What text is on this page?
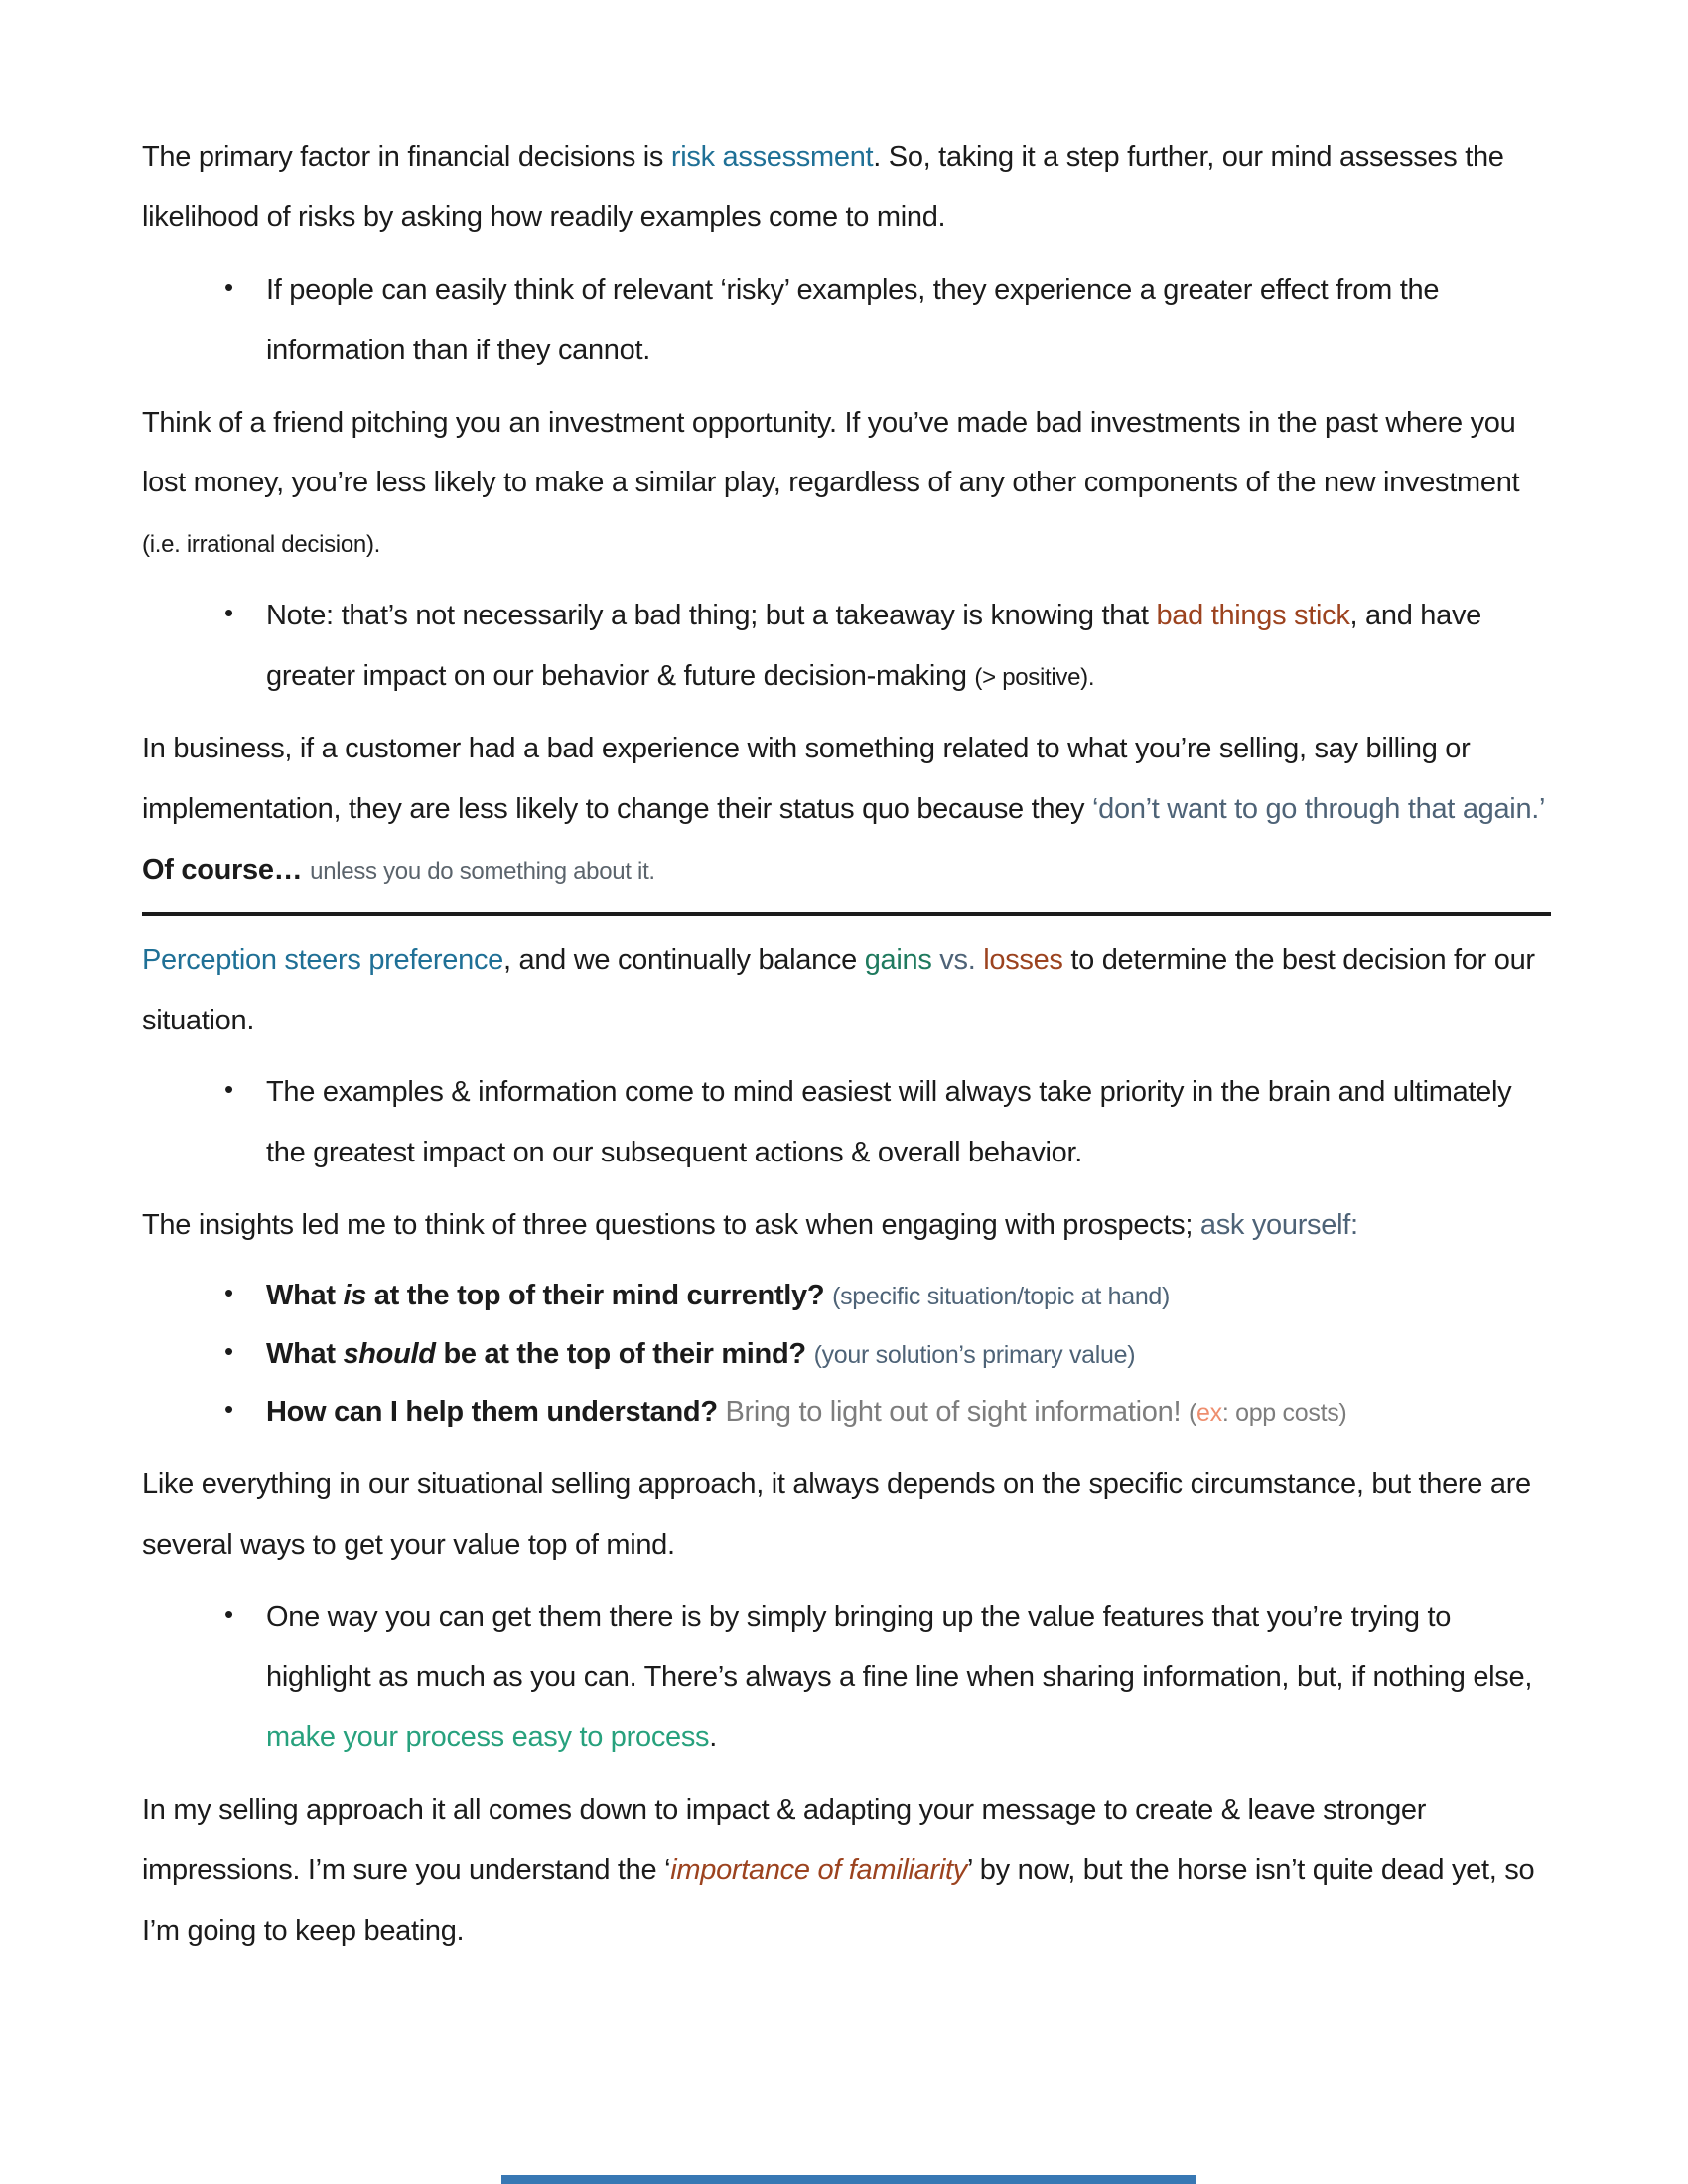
The primary factor in financial decisions is risk assessment. So, taking it a step further, our mind assesses the likelihood of risks by asking how readily examples come to mind.

• If people can easily think of relevant ‘risky’ examples, they experience a greater effect from the information than if they cannot.

Think of a friend pitching you an investment opportunity. If you’ve made bad investments in the past where you lost money, you’re less likely to make a similar play, regardless of any other components of the new investment (i.e. irrational decision).

• Note: that’s not necessarily a bad thing; but a takeaway is knowing that bad things stick, and have greater impact on our behavior & future decision-making (> positive).

In business, if a customer had a bad experience with something related to what you’re selling, say billing or implementation, they are less likely to change their status quo because they ‘don’t want to go through that again.’ Of course… unless you do something about it.

Perception steers preference, and we continually balance gains vs. losses to determine the best decision for our situation.

• The examples & information come to mind easiest will always take priority in the brain and ultimately the greatest impact on our subsequent actions & overall behavior.

The insights led me to think of three questions to ask when engaging with prospects; ask yourself:

• What is at the top of their mind currently? (specific situation/topic at hand)
• What should be at the top of their mind? (your solution’s primary value)
• How can I help them understand? Bring to light out of sight information! (ex: opp costs)

Like everything in our situational selling approach, it always depends on the specific circumstance, but there are several ways to get your value top of mind.

• One way you can get them there is by simply bringing up the value features that you’re trying to highlight as much as you can. There’s always a fine line when sharing information, but, if nothing else, make your process easy to process.

In my selling approach it all comes down to impact & adapting your message to create & leave stronger impressions. I’m sure you understand the ‘importance of familiarity’ by now, but the horse isn’t quite dead yet, so I’m going to keep beating.
